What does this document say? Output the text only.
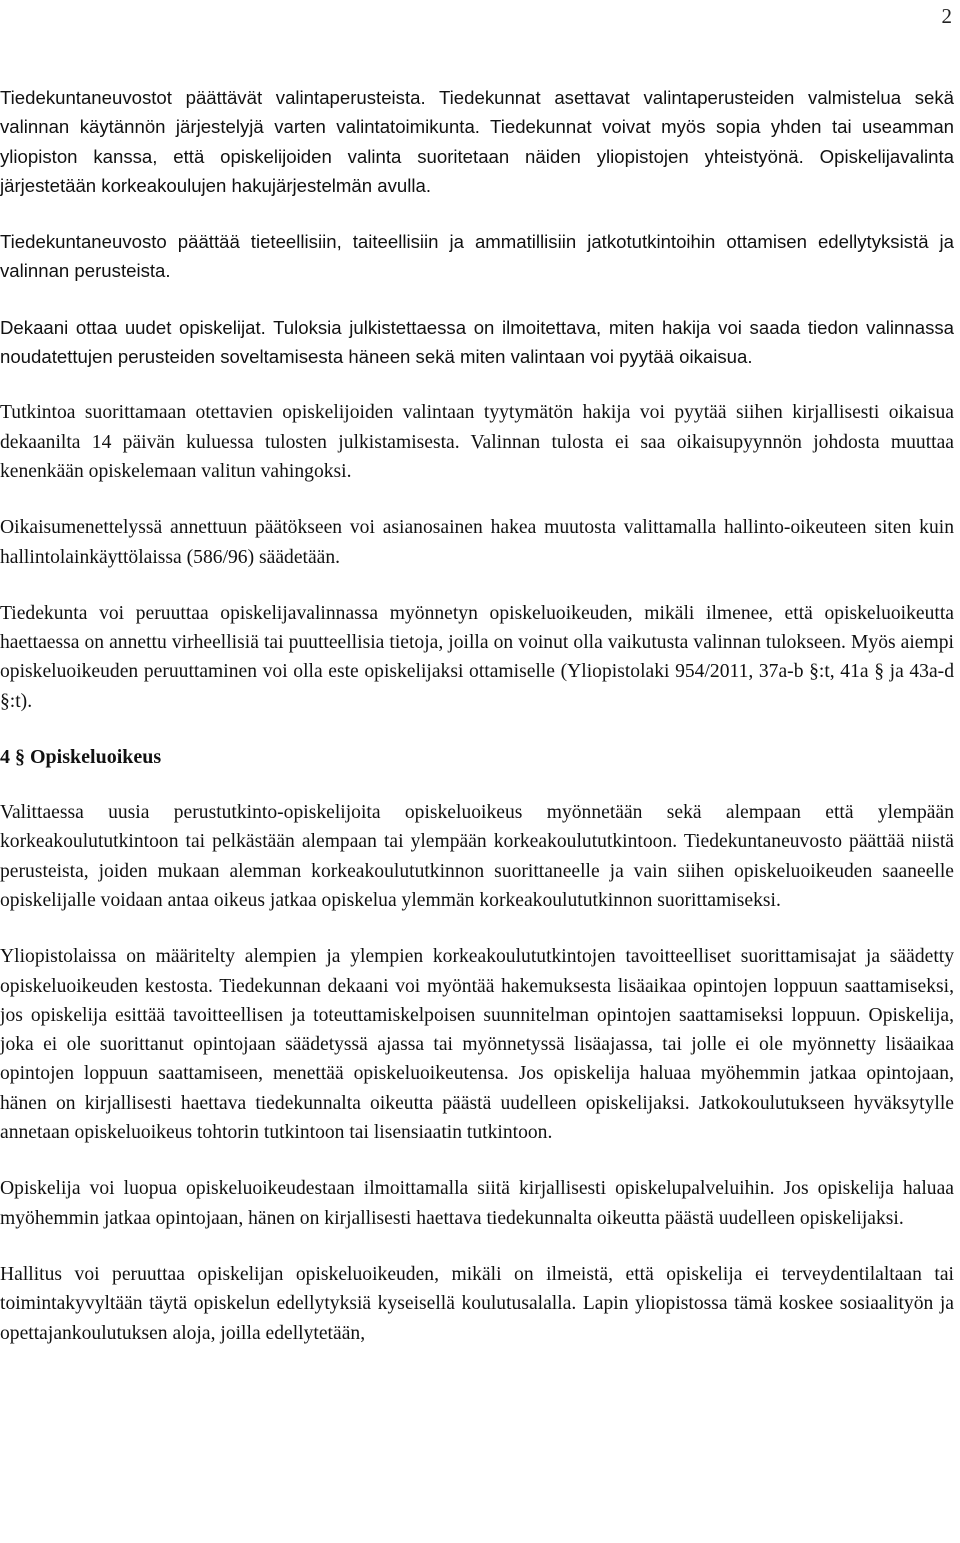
2

Tiedekuntaneuvostot päättävät valintaperusteista. Tiedekunnat asettavat valintaperusteiden valmistelua sekä valinnan käytännön järjestelyjä varten valintatoimikunta. Tiedekunnat voivat myös sopia yhden tai useamman yliopiston kanssa, että opiskelijoiden valinta suoritetaan näiden yliopistojen yhteistyönä. Opiskelijavalinta järjestetään korkeakoulujen hakujärjestelmän avulla.

Tiedekuntaneuvosto päättää tieteellisiin, taiteellisiin ja ammatillisiin jatkotutkintoihin ottamisen edellytyksistä ja valinnan perusteista.

Dekaani ottaa uudet opiskelijat. Tuloksia julkistettaessa on ilmoitettava, miten hakija voi saada tiedon valinnassa noudatettujen perusteiden soveltamisesta häneen sekä miten valintaan voi pyytää oikaisua.

Tutkintoa suorittamaan otettavien opiskelijoiden valintaan tyytymätön hakija voi pyytää siihen kirjallisesti oikaisua dekaanilta 14 päivän kuluessa tulosten julkistamisesta. Valinnan tulosta ei saa oikaisupyynnön johdosta muuttaa kenenkään opiskelemaan valitun vahingoksi.

Oikaisumenettelyssä annettuun päätökseen voi asianosainen hakea muutosta valittamalla hallinto-oikeuteen siten kuin hallintolainkäyttölaissa (586/96) säädetään.

Tiedekunta voi peruuttaa opiskelijavalinnassa myönnetyn opiskeluoikeuden, mikäli ilmenee, että opiskeluoikeutta haettaessa on annettu virheellisiä tai puutteellisia tietoja, joilla on voinut olla vaikutusta valinnan tulokseen. Myös aiempi opiskeluoikeuden peruuttaminen voi olla este opiskelijaksi ottamiselle (Yliopistolaki 954/2011, 37a-b §:t, 41a § ja 43a-d §:t).

4 § Opiskeluoikeus

Valittaessa uusia perustutkinto-opiskelijoita opiskeluoikeus myönnetään sekä alempaan että ylempään korkeakoulututkintoon tai pelkästään alempaan tai ylempään korkeakoulututkintoon. Tiedekuntaneuvosto päättää niistä perusteista, joiden mukaan alemman korkeakoulututkinnon suorittaneelle ja vain siihen opiskeluoikeuden saaneelle opiskelijalle voidaan antaa oikeus jatkaa opiskelua ylemmän korkeakoulututkinnon suorittamiseksi.

Yliopistolaissa on määritelty alempien ja ylempien korkeakoulututkintojen tavoitteelliset suorittamisajat ja säädetty opiskeluoikeuden kestosta. Tiedekunnan dekaani voi myöntää hakemuksesta lisäaikaa opintojen loppuun saattamiseksi, jos opiskelija esittää tavoitteellisen ja toteuttamiskelpoisen suunnitelman opintojen saattamiseksi loppuun. Opiskelija, joka ei ole suorittanut opintojaan säädetyssä ajassa tai myönnetyssä lisäajassa, tai jolle ei ole myönnetty lisäaikaa opintojen loppuun saattamiseen, menettää opiskeluoikeutensa. Jos opiskelija haluaa myöhemmin jatkaa opintojaan, hänen on kirjallisesti haettava tiedekunnalta oikeutta päästä uudelleen opiskelijaksi. Jatkokoulutukseen hyväksytylle annetaan opiskeluoikeus tohtorin tutkintoon tai lisensiaatin tutkintoon.

Opiskelija voi luopua opiskeluoikeudestaan ilmoittamalla siitä kirjallisesti opiskelupalveluihin. Jos opiskelija haluaa myöhemmin jatkaa opintojaan, hänen on kirjallisesti haettava tiedekunnalta oikeutta päästä uudelleen opiskelijaksi.

Hallitus voi peruuttaa opiskelijan opiskeluoikeuden, mikäli on ilmeistä, että opiskelija ei terveydentilaltaan tai toimintakyvyltään täytä opiskelun edellytyksiä kyseisellä koulutusalalla. Lapin yliopistossa tämä koskee sosiaalityön ja opettajankoulutuksen aloja, joilla edellytetään,
